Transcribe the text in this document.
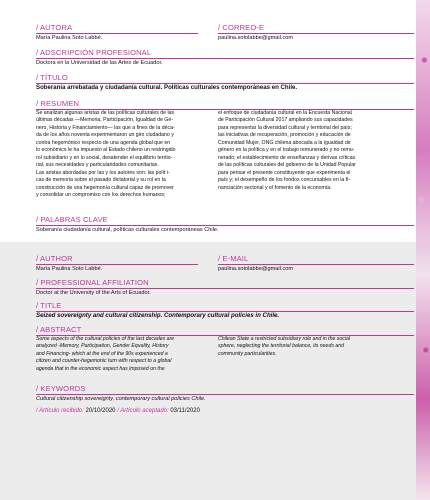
/ AUTORA
María Paulina Soto Labbé.
/ CORREO-E
paulina.sotolabbe@gmail.com
/ ADSCRIPCIÓN PROFESIONAL
Doctora en la Universidad de las Artes de Ecuador.
/ TÍTULO
Soberanía arrebatada y ciudadanía cultural. Políticas culturales contemporáneas en Chile.
/ RESUMEN
Se analizan algunas aristas de las políticas culturales de las
últimas décadas —Memoria, Participación, Igualdad de Gé-
nero, Historia y Financiamiento— las que a fines de la déca-
da de los años noventa experimentaron un giro ciudadano y
contra hegemónico respecto de una agenda global que en
lo económico le ha impuesto al Estado chileno un restringido
rol subsidiario y en lo social, desatender el equilibrio territo-
rial, sus necesidades y particularidades comunitarias.
Las aristas abordadas por las y los autores son: las polít i-
cas de memoria sobre el pasado dictatorial y su rol en la
construcción de una hegemonía cultural capaz de promover
y consolidar un compromiso con los derechos humanos;
el enfoque de ciudadanía cultural en la Encuesta Nacional
de Participación Cultural 2017 ampliando sus capacidades
para representar la diversidad cultural y territorial del país;
las iniciativas de recuperación, promoción y educación de
Comunidad Mujer, ONG chilena abocada a la igualdad de
género en la política y en el trabajo remunerado y no remu-
nerado; el establecimiento de enseñanzas y derivas críticas
de las políticas culturales del gobierno de la Unidad Popular
para pensar el presente constituyente que experimenta el
país y; el desempeño de los fondos concursables en la fi-
nanciación sectorial y el fomento de la economía.
/ PALABRAS CLAVE
Soberanía ciudadanía cultural, políticas culturales contemporáneas Chile.
/ AUTHOR
María Paulina Soto Labbé.
/ E-MAIL
paulina.sotolabbe@gmail.com
/ PROFESSIONAL AFFILIATION
Doctor at the University of the Arts of Ecuador.
/ TITLE
Seized sovereignty and cultural citizenship. Contemporary cultural policies in Chile.
/ ABSTRACT
Some aspects of the cultural policies of the last decades are
analyzed -Memory, Participation, Gender Equality, History
and Financing- which at the end of the 90s experienced a
citizen and counter-hegemonic turn with respect to a global
agenda that in the economic aspect has imposed on the
Chilean State a restricted subsidiary role and in the social
sphere, neglecting the territorial balance, its needs and
community particularities.
/ KEYWORDS
Cultural citizenship sovereignty, contemporary cultural policies Chile.
/ Artículo recibido: 20/10/2020 / Artículo aceptado: 03/11/2020
